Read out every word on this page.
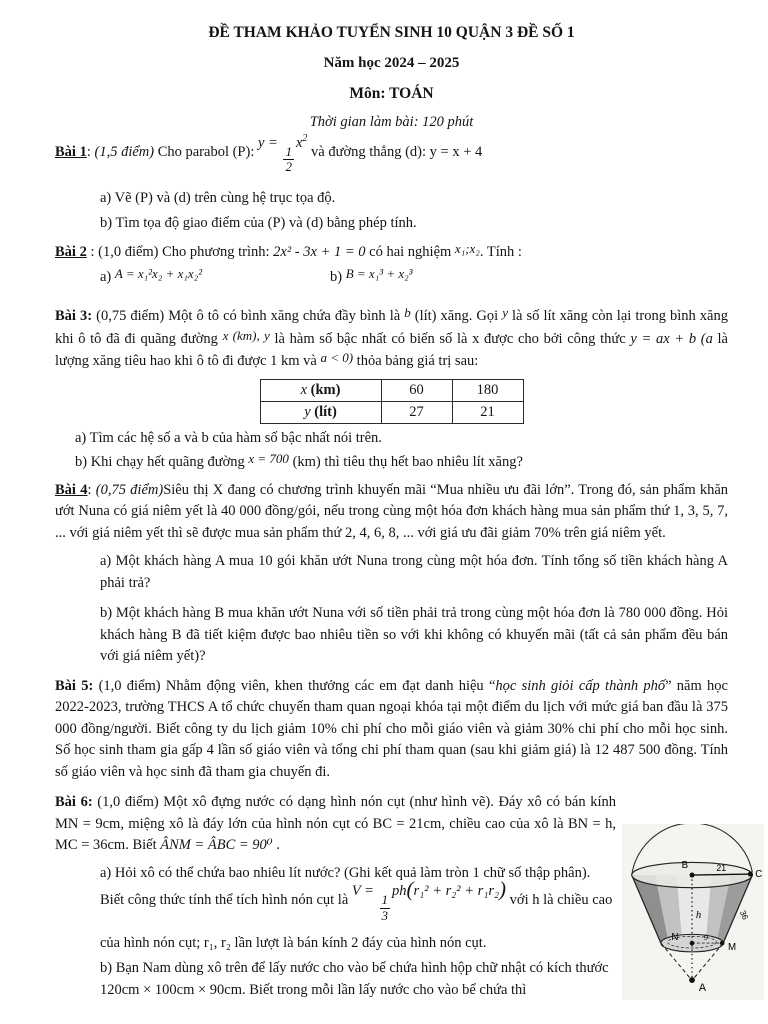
ĐỀ THAM KHẢO TUYỂN SINH 10 QUẬN 3 ĐỀ SỐ 1
Năm học 2024 – 2025
Môn: TOÁN
Thời gian làm bài: 120 phút

Bài 1: (1,5 điểm) Cho parabol (P): y =
$\frac{1}{2}$
$x^2$ và đường thẳng (d): y = x + 4

a) Vẽ (P) và (d) trên cùng hệ trục tọa độ.

b) Tìm tọa độ giao điểm của (P) và (d) bằng phép tính.

Bài 2 : (1,0 điểm) Cho phương trình: 2x² - 3x + 1 = 0 có hai nghiệm x₁;x₂. Tính :

a) A = x₁²x₂ + x₁x₂²	b) B = x₁³ + x₂³

Bài 3: (0,75 điểm) Một ô tô có bình xăng chứa đầy bình là b (lít) xăng. Gọi y là số lít xăng còn lại trong bình xăng khi ô tô đã đi quãng đường x (km), y là hàm số bậc nhất có biến số là x được cho bởi công thức y = ax + b (a là lượng xăng tiêu hao khi ô tô đi được 1 km và a < 0) thỏa bảng giá trị sau:

x (km)	60	180
y (lít)	27	21

a) Tìm các hệ số a và b của hàm số bậc nhất nói trên.

b) Khi chạy hết quãng đường x = 700 (km) thì tiêu thụ hết bao nhiêu lít xăng?

Bài 4: (0,75 điểm)Siêu thị X đang có chương trình khuyến mãi “Mua nhiều ưu đãi lớn”. Trong đó, sản phẩm khăn ướt Nuna có giá niêm yết là 40 000 đồng/gói, nếu trong cùng một hóa đơn khách hàng mua sản phẩm thứ 1, 3, 5, 7, ... với giá niêm yết thì sẽ được mua sản phẩm thứ 2, 4, 6, 8, ... với giá ưu đãi giảm 70% trên giá niêm yết.

a) Một khách hàng A mua 10 gói khăn ướt Nuna trong cùng một hóa đơn. Tính tổng số tiền khách hàng A phải trả?

b) Một khách hàng B mua khăn ướt Nuna với số tiền phải trả trong cùng một hóa đơn là 780 000 đồng. Hỏi khách hàng B đã tiết kiệm được bao nhiêu tiền so với khi không có khuyến mãi (tất cả sản phẩm đều bán với giá niêm yết)?

Bài 5: (1,0 điểm) Nhằm động viên, khen thưởng các em đạt danh hiệu “học sinh giỏi cấp thành phố” năm học 2022-2023, trường THCS A tổ chức chuyến tham quan ngoại khóa tại một điểm du lịch với mức giá ban đầu là 375 000 đồng/người. Biết công ty du lịch giảm 10% chi phí cho mỗi giáo viên và giảm 30% chi phí cho mỗi học sinh. Số học sinh tham gia gấp 4 lần số giáo viên và tổng chi phí tham quan (sau khi giảm giá) là 12 487 500 đồng. Tính số giáo viên và học sinh đã tham gia chuyến đi.

Bài 6: (1,0 điểm) Một xô đựng nước có dạng hình nón cụt (như hình vẽ). Đáy xô có bán kính MN = 9cm, miệng xô là đáy lớn của hình nón cụt có BC = 21cm, chiều cao của xô là BN = h, MC = 36cm. Biết ÂNM = ÂBC = 90⁰ .

a) Hỏi xô có thể chứa bao nhiêu lít nước? (Ghi kết quả làm tròn 1 chữ số thập phân).

Biết công thức tính thể tích hình nón cụt là V =
$\frac{1}{3}$
ph(r₁² + r₂² + r₁r₂) với h là chiều cao của hình nón cụt; r₁, r₂ lần lượt là bán kính 2 đáy của hình nón cụt.

b) Bạn Nam dùng xô trên để lấy nước cho vào bể chứa hình hộp chữ nhật có kích thước 120cm × 100cm × 90cm. Biết trong mỗi lần lấy nước cho vào bể chứa thì

B
C
21
h
N	9
M
36
A
